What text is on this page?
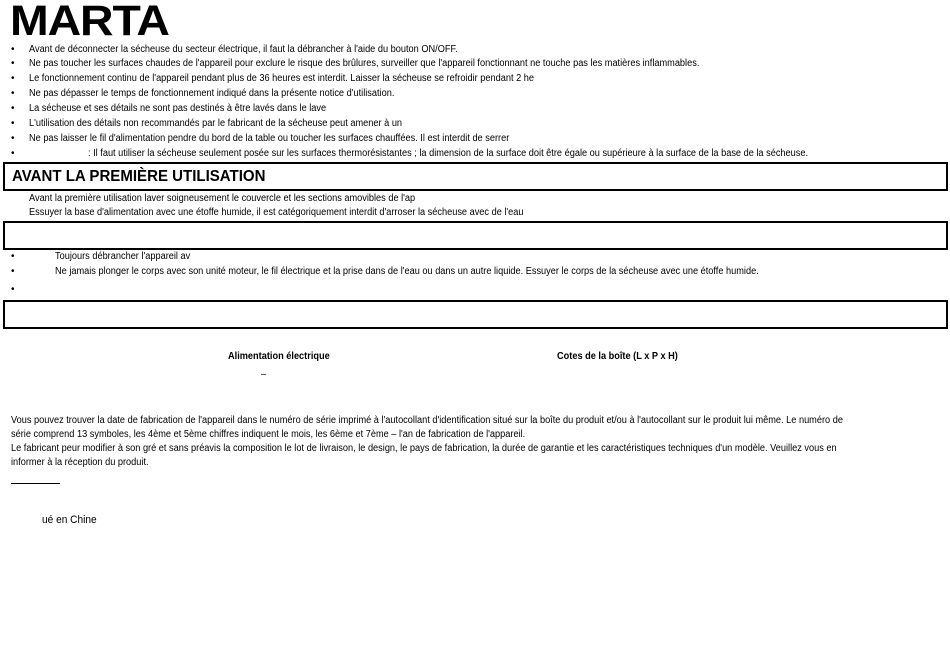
MARTA
• Avant de déconnecter la sécheuse du secteur électrique, il faut la débrancher à l'aide du bouton ON/OFF.
• Ne pas toucher les surfaces chaudes de l'appareil pour exclure le risque des brûlures, surveiller que l'appareil fonctionnant ne touche pas les matières inflammables.
• Le fonctionnement continu de l'appareil pendant plus de 36 heures est interdit. Laisser la sécheuse se refroidir pendant 2 he
• Ne pas dépasser le temps de fonctionnement indiqué dans la présente notice d'utilisation.
• La sécheuse et ses détails ne sont pas destinés à être lavés dans le lave
• L'utilisation des détails non recommandés par le fabricant de la sécheuse peut amener à un
• Ne pas laisser le fil d'alimentation pendre du bord de la table ou toucher les surfaces chauffées. Il est interdit de serrer
•	: Il faut utiliser la sécheuse seulement posée sur les surfaces thermorésistantes ; la dimension de la surface doit être égale ou supérieure à la surface de la base de la sécheuse.
AVANT LA PREMIÈRE UTILISATION
Avant la première utilisation laver soigneusement le couvercle et les sections amovibles de l'ap
Essuyer la base d'alimentation avec une étoffe humide, il est catégoriquement interdit d'arroser la sécheuse avec de l'eau
•	Toujours débrancher l'appareil av
•	Ne jamais plonger le corps avec son unité moteur, le fil électrique et la prise dans de l'eau ou dans un autre liquide. Essuyer le corps de la sécheuse avec une étoffe humide.
•
Alimentation électrique	Cotes de la boîte (L x P x H)
–
Vous pouvez trouver la date de fabrication de l'appareil dans le numéro de série imprimé à l'autocollant d'identification situé sur la boîte du produit et/ou à l'autocollant sur le produit lui même. Le numéro de
série comprend 13 symboles, les 4ème et 5ème chiffres indiquent le mois, les 6ème et 7ème – l'an de fabrication de l'appareil.
Le fabricant peur modifier à son gré et sans préavis la composition le lot de livraison, le design, le pays de fabrication, la durée de garantie et les caractéristiques techniques d'un modèle. Veuillez vous en
informer à la réception du produit.
ué en Chine
